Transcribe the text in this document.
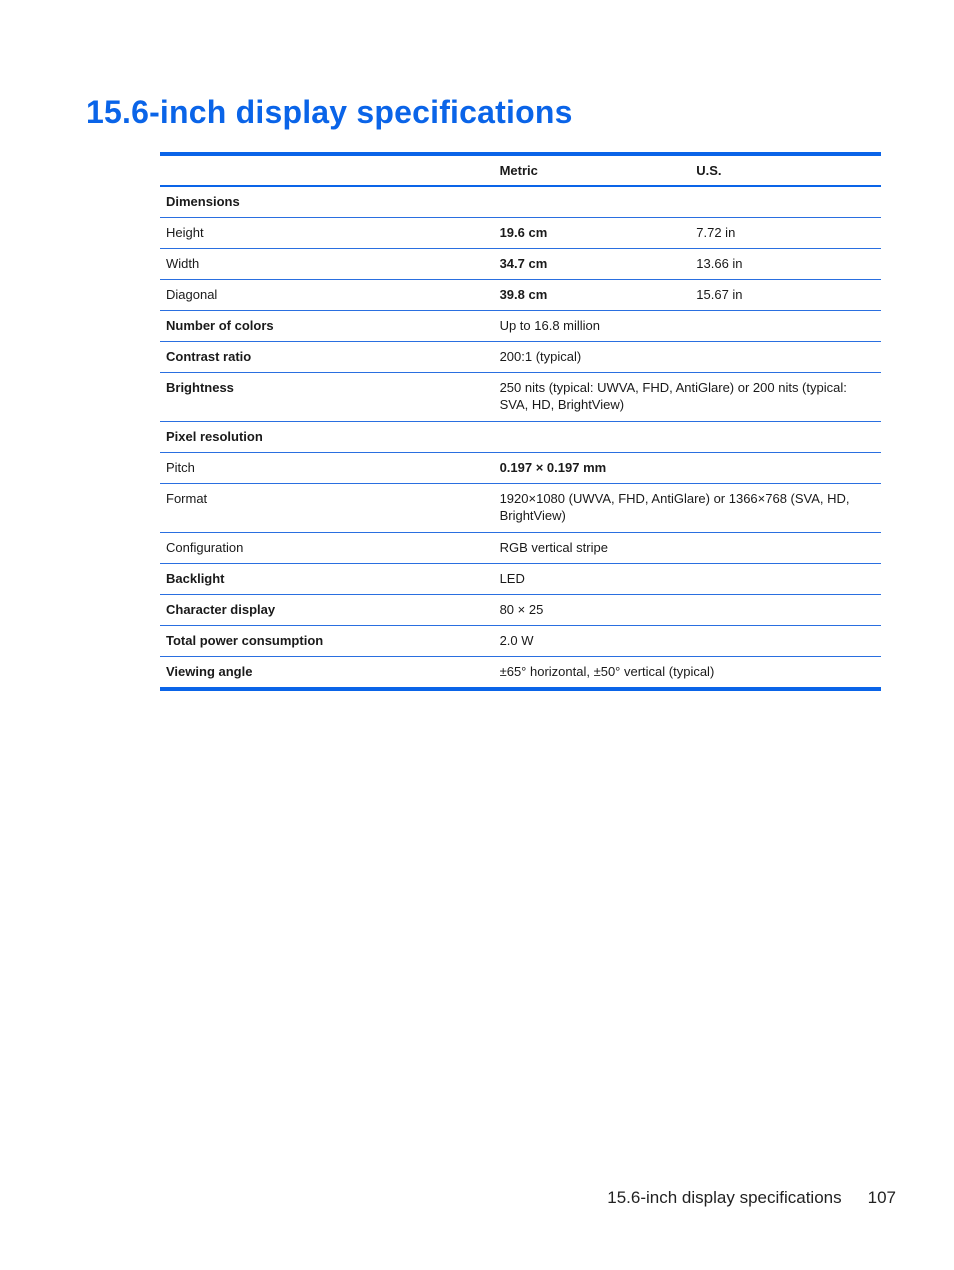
15.6-inch display specifications
	Metric	U.S.
Dimensions		
Height	19.6 cm	7.72 in
Width	34.7 cm	13.66 in
Diagonal	39.8 cm	15.67 in
Number of colors	Up to 16.8 million	
Contrast ratio	200:1 (typical)	
Brightness	250 nits (typical: UWVA, FHD, AntiGlare) or 200 nits (typical: SVA, HD, BrightView)	
Pixel resolution		
Pitch	0.197 × 0.197 mm	
Format	1920×1080 (UWVA, FHD, AntiGlare) or 1366×768 (SVA, HD, BrightView)	
Configuration	RGB vertical stripe	
Backlight	LED	
Character display	80 × 25	
Total power consumption	2.0 W	
Viewing angle	±65° horizontal, ±50° vertical (typical)	
15.6-inch display specifications 107
